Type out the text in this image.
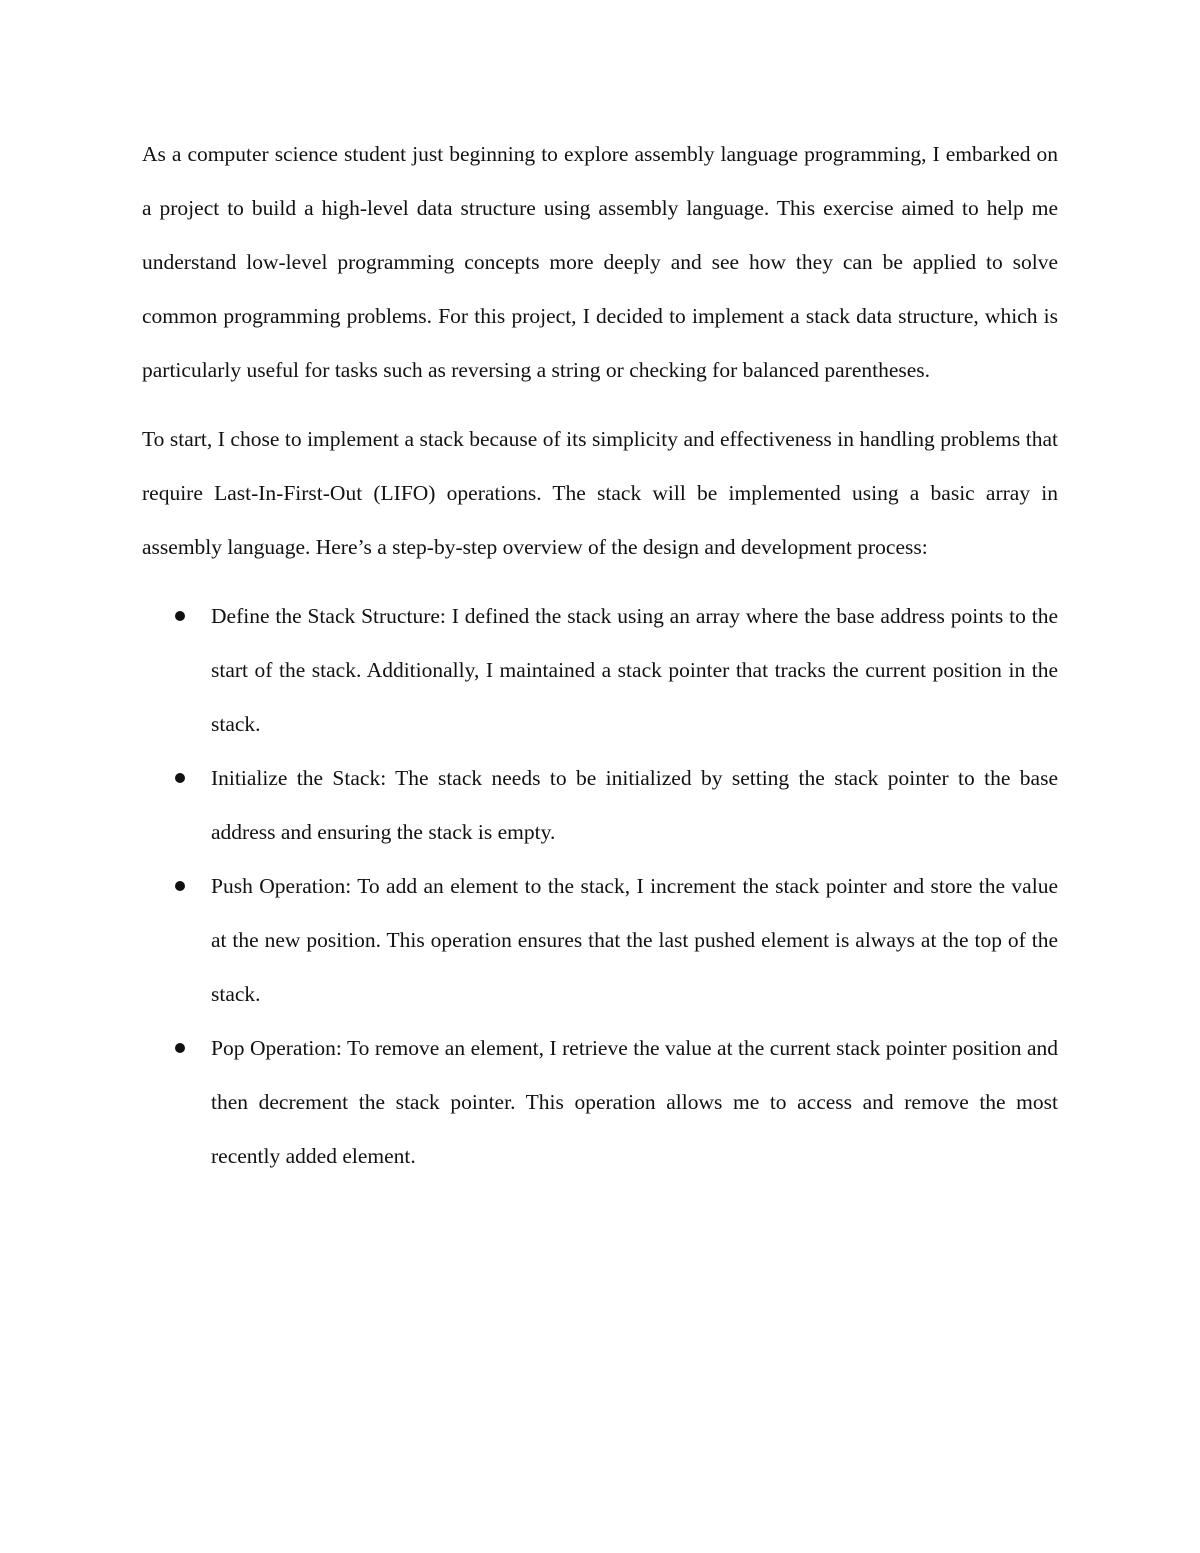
As a computer science student just beginning to explore assembly language programming, I embarked on a project to build a high-level data structure using assembly language. This exercise aimed to help me understand low-level programming concepts more deeply and see how they can be applied to solve common programming problems. For this project, I decided to implement a stack data structure, which is particularly useful for tasks such as reversing a string or checking for balanced parentheses.

To start, I chose to implement a stack because of its simplicity and effectiveness in handling problems that require Last-In-First-Out (LIFO) operations. The stack will be implemented using a basic array in assembly language. Here’s a step-by-step overview of the design and development process:

Define the Stack Structure: I defined the stack using an array where the base address points to the start of the stack. Additionally, I maintained a stack pointer that tracks the current position in the stack.
Initialize the Stack: The stack needs to be initialized by setting the stack pointer to the base address and ensuring the stack is empty.
Push Operation: To add an element to the stack, I increment the stack pointer and store the value at the new position. This operation ensures that the last pushed element is always at the top of the stack.
Pop Operation: To remove an element, I retrieve the value at the current stack pointer position and then decrement the stack pointer. This operation allows me to access and remove the most recently added element.
